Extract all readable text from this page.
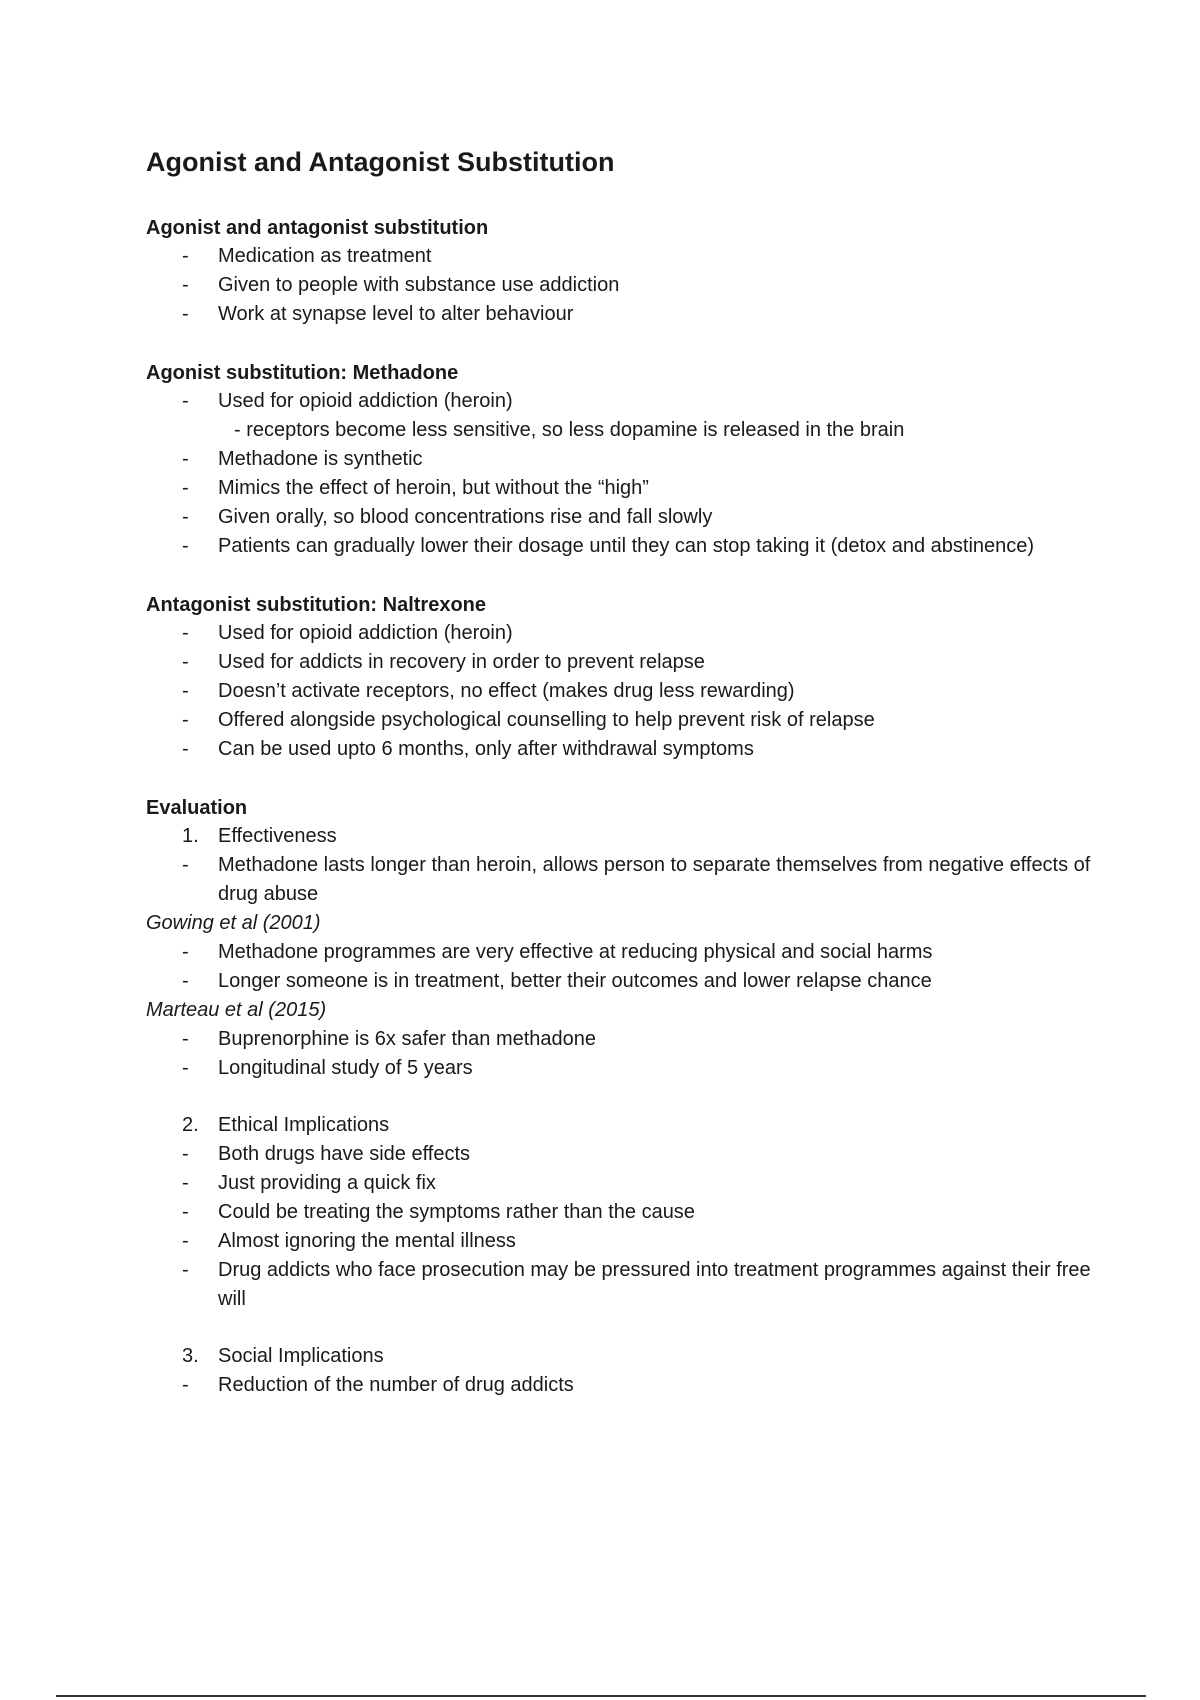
Agonist and Antagonist Substitution

Agonist and antagonist substitution

-	Medication as treatment
-	Given to people with substance use addiction
-	Work at synapse level to alter behaviour

Agonist substitution: Methadone

-	Used for opioid addiction (heroin)
- receptors become less sensitive, so less dopamine is released in the brain
-	Methadone is synthetic
-	Mimics the effect of heroin, but without the “high”
-	Given orally, so blood concentrations rise and fall slowly
-	Patients can gradually lower their dosage until they can stop taking it (detox and abstinence)

Antagonist substitution: Naltrexone

-	Used for opioid addiction (heroin)
-	Used for addicts in recovery in order to prevent relapse
-	Doesn’t activate receptors, no effect (makes drug less rewarding)
-	Offered alongside psychological counselling to help prevent risk of relapse
-	Can be used upto 6 months, only after withdrawal symptoms

Evaluation

1. Effectiveness
-	Methadone lasts longer than heroin, allows person to separate themselves from negative effects of drug abuse

Gowing et al (2001)

-	Methadone programmes are very effective at reducing physical and social harms
-	Longer someone is in treatment, better their outcomes and lower relapse chance

Marteau et al (2015)

-	Buprenorphine is 6x safer than methadone
-	Longitudinal study of 5 years
2. Ethical Implications
-	Both drugs have side effects
-	Just providing a quick fix
-	Could be treating the symptoms rather than the cause
-	Almost ignoring the mental illness
-	Drug addicts who face prosecution may be pressured into treatment programmes against their free will
3. Social Implications
-	Reduction of the number of drug addicts
